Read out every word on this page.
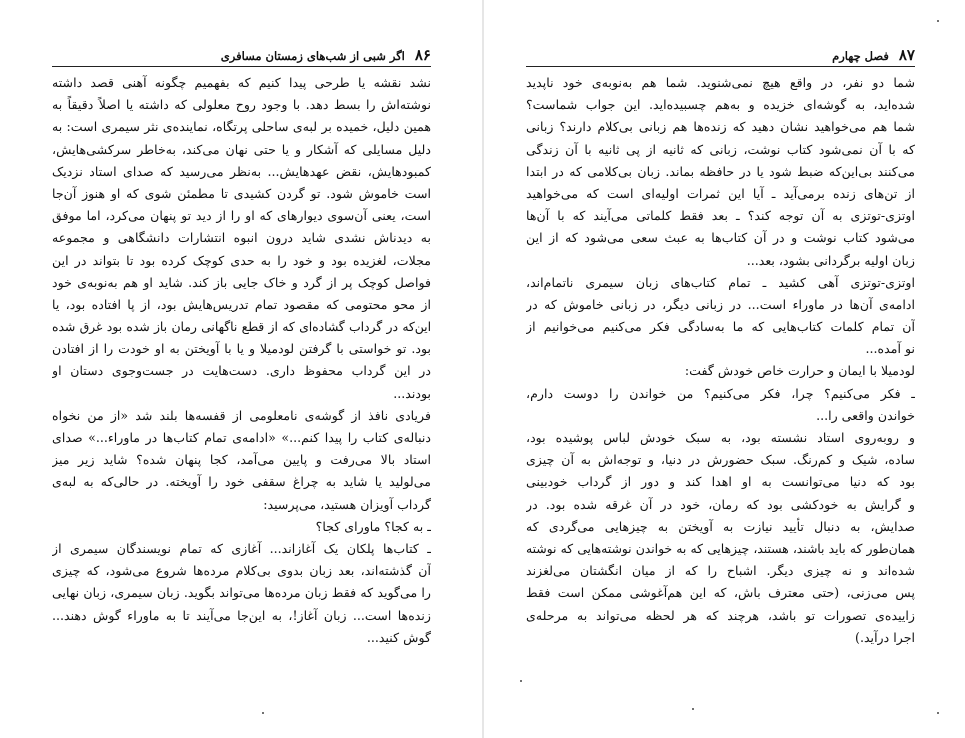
۸۶
اگر شبی از شب‌های زمستان مسافری
نشد نقشه یا طرحی پیدا کنیم که بفهمیم چگونه آهنی قصد داشته
نوشته‌اش را بسط دهد. با وجود روح معلولی که داشته یا اصلاً دقیقاً به
همین دلیل، خمیده بر لبه‌ی ساحلی پرتگاه، نماینده‌ی نثر سیمری است: به
دلیل مسایلی که آشکار و یا حتی نهان می‌کند، به‌خاطر سرکشی‌هایش،
کمبودهایش، نقض عهدهایش... به‌نظر می‌رسید که صدای استاد نزدیک
است خاموش شود. تو گردن کشیدی تا مطمئن شوی که او هنوز آن‌جا
است، یعنی آن‌سوی دیوارهای که او را از دید تو پنهان می‌کرد، اما موفق
به دیدناش نشدی شاید درون انبوه انتشارات دانشگاهی و مجموعه
مجلات، لغزیده بود و خود را به حدی کوچک کرده بود تا بتواند در این
فواصل کوچک پر از گرد و خاک جایی باز کند. شاید او هم به‌نوبه‌ی خود
از محو محتومی که مقصود تمام تدریس‌هایش بود، از پا افتاده بود، یا
این‌که در گرداب گشاده‌ای که از قطع ناگهانی رمان باز شده بود غرق شده
بود. تو خواستی با گرفتن لودمیلا و یا با آویختن به او خودت را از افتادن
در این گرداب محفوظ داری. دست‌هایت در جست‌وجوی دستان او
بودند...
فریادی نافذ از گوشه‌ی نامعلومی از قفسه‌ها بلند شد «از من نخواه
دنباله‌ی کتاب را پیدا کنم...» «ادامه‌ی تمام کتاب‌ها در ماوراء...» صدای
استاد بالا می‌رفت و پایین می‌آمد، کجا پنهان شده؟ شاید زیر میز
می‌لولید یا شاید به چراغ سقفی خود را آویخته. در حالی‌که به لبه‌ی
گرداب آویزان هستید، می‌پرسید:
ـ به کجا؟ ماورای کجا؟
ـ کتاب‌ها پلکان یک آغازاند... آغازی که تمام نویسندگان سیمری از
آن گذشته‌اند، بعد زبان بدوی بی‌کلام مرده‌ها شروع می‌شود، که چیزی
را می‌گوید که فقط زبان مرده‌ها می‌تواند بگوید. زبان سیمری، زبان نهایی
زنده‌ها است... زبان آغاز!، به این‌جا می‌آیند تا به ماوراء گوش دهند...
گوش کنید...
۸۷
فصل چهارم
شما دو نفر، در واقع هیچ نمی‌شنوید. شما هم به‌نوبه‌ی خود ناپدید
شده‌اید، به گوشه‌ای خزیده و به‌هم چسبیده‌اید. این جواب شماست؟
شما هم می‌خواهید نشان دهید که زنده‌ها هم زبانی بی‌کلام دارند؟ زبانی
که با آن نمی‌شود کتاب نوشت، زبانی که ثانیه از پی ثانیه با آن زندگی
می‌کنند بی‌این‌که ضبط شود یا در حافظه بماند. زبان بی‌کلامی که در ابتدا
از تن‌های زنده برمی‌آید ـ آیا این ثمرات اولیه‌ای است که می‌خواهید
اوتزی-توتزی به آن توجه کند؟ ـ بعد فقط کلماتی می‌آیند که با آن‌ها
می‌شود کتاب نوشت و در آن کتاب‌ها به عبث سعی می‌شود که از این
زبان اولیه برگردانی بشود، بعد...
اوتزی-توتزی آهی کشید ـ تمام کتاب‌های زبان سیمری ناتمام‌اند،
ادامه‌ی آن‌ها در ماوراء است... در زبانی دیگر، در زبانی خاموش که در
آن تمام کلمات کتاب‌هایی که ما به‌سادگی فکر می‌کنیم می‌خوانیم از
نو آمده...
لودمیلا با ایمان و حرارت خاص خودش گفت:
ـ فکر می‌کنیم؟ چرا، فکر می‌کنیم؟ من خواندن را دوست دارم،
خواندن واقعی را...
و روبه‌روی استاد نشسته بود، به سبک خودش لباس پوشیده بود،
ساده، شیک و کم‌رنگ. سبک حضورش در دنیا، و توجه‌اش به آن چیزی
بود که دنیا می‌توانست به او اهدا کند و دور از گرداب خودبینی
و گرایش به خودکشی بود که رمان، خود در آن غرقه شده بود. در
صدایش، به دنبال تأیید نیازت به آویختن به چیزهایی می‌گردی که
همان‌طور که باید باشند، هستند، چیزهایی که به خواندن نوشته‌هایی که نوشته
شده‌اند و نه چیزی دیگر. اشباح را که از میان انگشتان می‌لغزند
پس می‌زنی، (حتی معترف باش، که این هم‌آغوشی ممکن است فقط
زاییده‌ی تصورات تو باشد، هرچند که هر لحظه می‌تواند به مرحله‌ی
اجرا درآید.)
